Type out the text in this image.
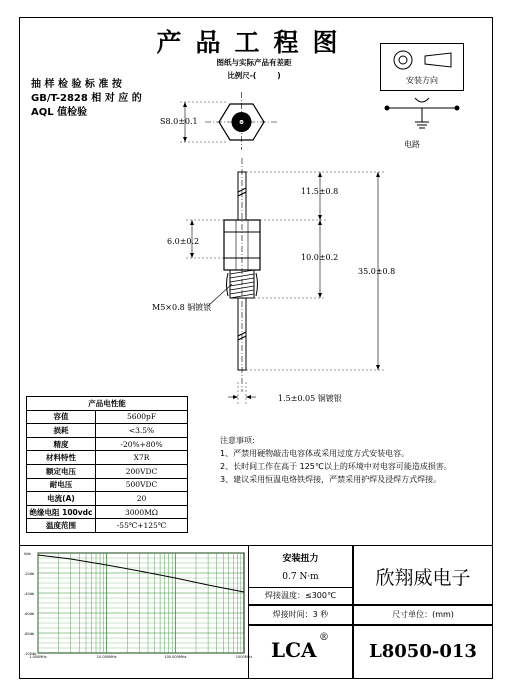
产品工程图
图纸与实际产品有差距
比例尺-(        )
抽 样 检 验 标 准 按
GB/T-2828 相 对 应 的
AQL 值检验
安装方向
电路
S8.0±0.1
11.5±0.8
6.0±0.2
10.0±0.2
35.0±0.8
M5×0.8 铜镀银
1.5±0.05 铜镀银
产品电性能	
容值	5600pF
损耗	<3.5%
精度	-20%+80%
材料特性	X7R
额定电压	200VDC
耐电压	500VDC
电流(A)	20
绝缘电阻 100vdc	3000MΩ
温度范围	-55℃+125℃
注意事项:
1、严禁用硬物敲击电容体或采用过度方式安装电容。
2、长时间工作在高于 125℃以上的环境中对电容可能造成损害。
3、建议采用恒温电烙铁焊接，严禁采用护焊及浸焊方式焊接。
0db
-20db
-40db
-60db
-80db
-100db
1.000MHz	10.000MHz	100.000MHz	1000MHz
安装扭力
0.7 N·m
焊接温度：≤300℃
欣翔威电子
焊接时间：3 秒	尺寸单位：(mm)
LCA
®
L8050-013
